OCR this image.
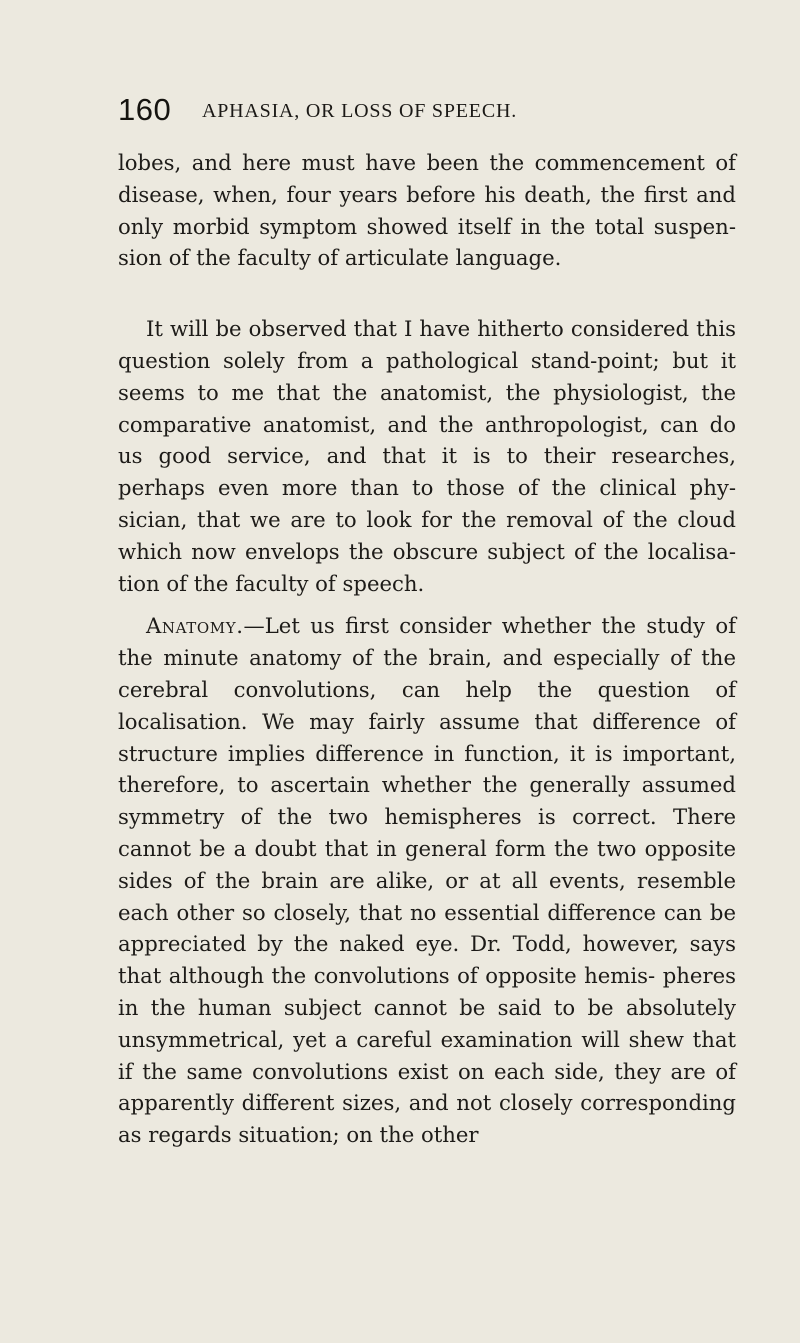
160 APHASIA, OR LOSS OF SPEECH.

lobes, and here must have been the commencement of disease, when, four years before his death, the first and only morbid symptom showed itself in the total suspen- sion of the faculty of articulate language.

It will be observed that I have hitherto considered this question solely from a pathological stand-point; but it seems to me that the anatomist, the physiologist, the comparative anatomist, and the anthropologist, can do us good service, and that it is to their researches, perhaps even more than to those of the clinical phy- sician, that we are to look for the removal of the cloud which now envelops the obscure subject of the localisa- tion of the faculty of speech.

Anatomy.—Let us first consider whether the study of the minute anatomy of the brain, and especially of the cerebral convolutions, can help the question of localisation. We may fairly assume that difference of structure implies difference in function, it is important, therefore, to ascertain whether the generally assumed symmetry of the two hemispheres is correct. There cannot be a doubt that in general form the two opposite sides of the brain are alike, or at all events, resemble each other so closely, that no essential difference can be appreciated by the naked eye. Dr. Todd, however, says that although the convolutions of opposite hemis- pheres in the human subject cannot be said to be absolutely unsymmetrical, yet a careful examination will shew that if the same convolutions exist on each side, they are of apparently different sizes, and not closely corresponding as regards situation; on the other
